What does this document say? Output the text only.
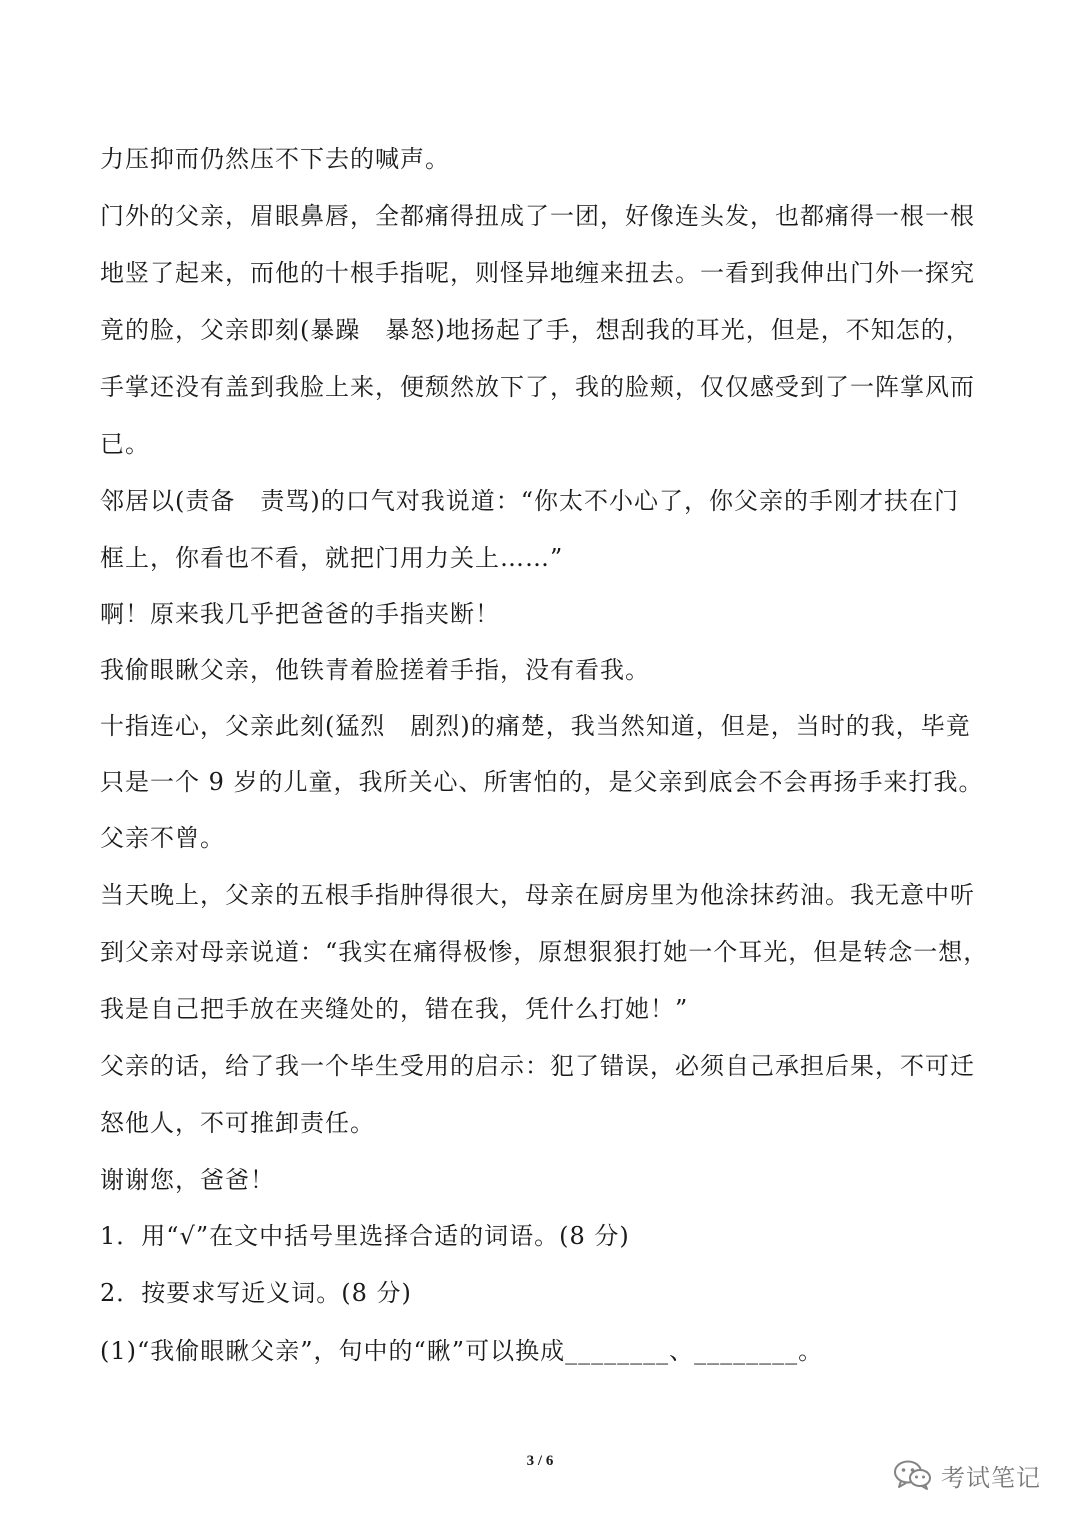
力压抑而仍然压不下去的喊声。
门外的父亲，眉眼鼻唇，全都痛得扭成了一团，好像连头发，也都痛得一根一根
地竖了起来，而他的十根手指呢，则怪异地缠来扭去。一看到我伸出门外一探究
竟的脸，父亲即刻(暴躁　暴怒)地扬起了手，想刮我的耳光，但是，不知怎的，
手掌还没有盖到我脸上来，便颓然放下了，我的脸颊，仅仅感受到了一阵掌风而
已。
邻居以(责备　责骂)的口气对我说道：“你太不小心了，你父亲的手刚才扶在门
框上，你看也不看，就把门用力关上……”
啊！原来我几乎把爸爸的手指夹断！
我偷眼瞅父亲，他铁青着脸搓着手指，没有看我。
十指连心，父亲此刻(猛烈　剧烈)的痛楚，我当然知道，但是，当时的我，毕竟
只是一个 9 岁的儿童，我所关心、所害怕的，是父亲到底会不会再扬手来打我。
父亲不曾。
当天晚上，父亲的五根手指肿得很大，母亲在厨房里为他涂抹药油。我无意中听
到父亲对母亲说道：“我实在痛得极惨，原想狠狠打她一个耳光，但是转念一想，
我是自己把手放在夹缝处的，错在我，凭什么打她！”
父亲的话，给了我一个毕生受用的启示：犯了错误，必须自己承担后果，不可迁
怒他人，不可推卸责任。
谢谢您，爸爸！
1．用“√”在文中括号里选择合适的词语。(8 分)
2．按要求写近义词。(8 分)
(1)“我偷眼瞅父亲”，句中的“瞅”可以换成________、________。
3 / 6
考试笔记
